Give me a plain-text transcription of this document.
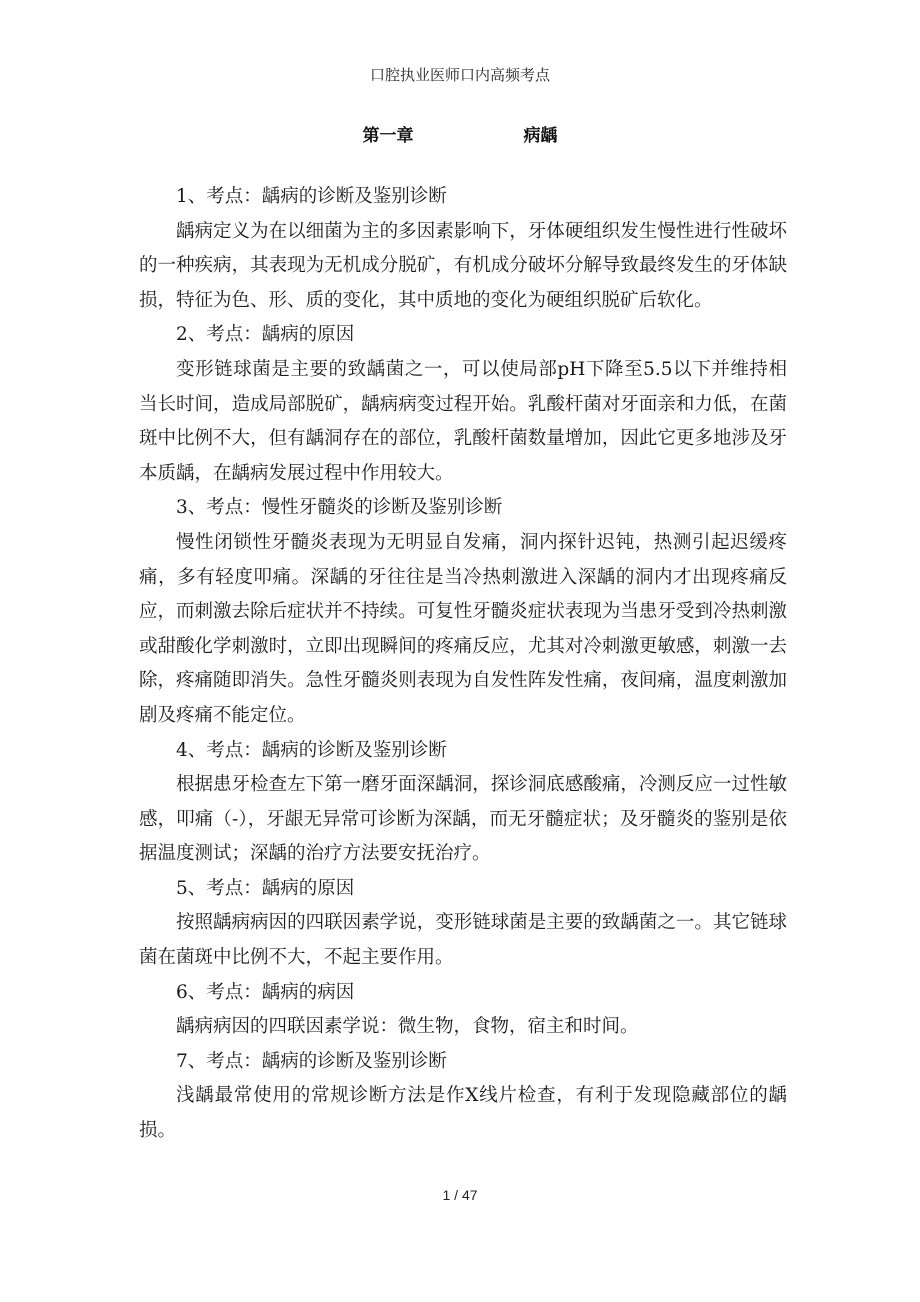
口腔执业医师口内高频考点
第一章	病龋

1、考点：龋病的诊断及鉴别诊断

龋病定义为在以细菌为主的多因素影响下，牙体硬组织发生慢性进行性破坏的一种疾病，其表现为无机成分脱矿，有机成分破坏分解导致最终发生的牙体缺损，特征为色、形、质的变化，其中质地的变化为硬组织脱矿后软化。

2、考点：龋病的原因

变形链球菌是主要的致龋菌之一，可以使局部pH下降至5.5以下并维持相当长时间，造成局部脱矿，龋病病变过程开始。乳酸杆菌对牙面亲和力低，在菌斑中比例不大，但有龋洞存在的部位，乳酸杆菌数量增加，因此它更多地涉及牙本质龋，在龋病发展过程中作用较大。

3、考点：慢性牙髓炎的诊断及鉴别诊断

慢性闭锁性牙髓炎表现为无明显自发痛，洞内探针迟钝，热测引起迟缓疼痛，多有轻度叩痛。深龋的牙往往是当冷热刺激进入深龋的洞内才出现疼痛反应，而刺激去除后症状并不持续。可复性牙髓炎症状表现为当患牙受到冷热刺激或甜酸化学刺激时，立即出现瞬间的疼痛反应，尤其对冷刺激更敏感，刺激一去除，疼痛随即消失。急性牙髓炎则表现为自发性阵发性痛，夜间痛，温度刺激加剧及疼痛不能定位。

4、考点：龋病的诊断及鉴别诊断

根据患牙检查左下第一磨牙面深龋洞，探诊洞底感酸痛，冷测反应一过性敏感，叩痛（-），牙龈无异常可诊断为深龋，而无牙髓症状；及牙髓炎的鉴别是依据温度测试；深龋的治疗方法要安抚治疗。

5、考点：龋病的原因

按照龋病病因的四联因素学说，变形链球菌是主要的致龋菌之一。其它链球菌在菌斑中比例不大，不起主要作用。

6、考点：龋病的病因

龋病病因的四联因素学说：微生物，食物，宿主和时间。

7、考点：龋病的诊断及鉴别诊断

浅龋最常使用的常规诊断方法是作X线片检查，有利于发现隐藏部位的龋损。

1 / 47
